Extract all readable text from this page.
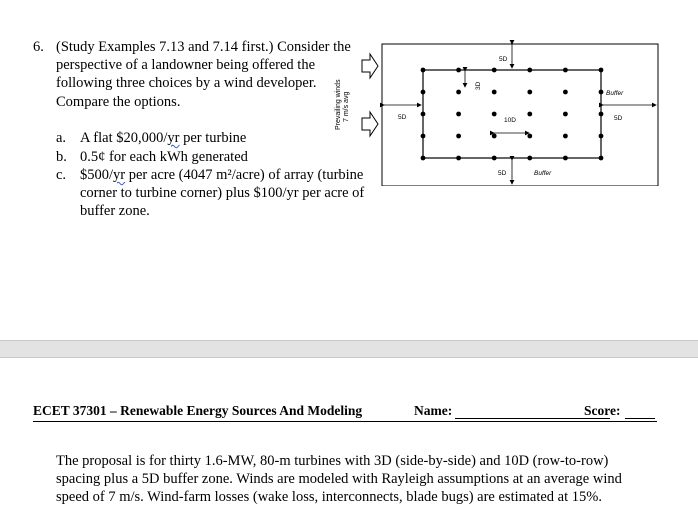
6. (Study Examples 7.13 and 7.14 first.) Consider the perspective of a landowner being offered the following three choices by a wind developer. Compare the options.
a. A flat $20,000/yr per turbine
b. 0.5¢ for each kWh generated
c. $500/yr per acre (4047 m²/acre) of array (turbine corner to turbine corner) plus $100/yr per acre of buffer zone.
Prevailing winds 7 m/s avg
5D
3D
10D
5D
5D	Buffer
Buffer
5D
ECET 37301 – Renewable Energy Sources And Modeling	Name:	Score:
The proposal is for thirty 1.6-MW, 80-m turbines with 3D (side-by-side) and 10D (row-to-row) spacing plus a 5D buffer zone. Winds are modeled with Rayleigh assumptions at an average wind speed of 7 m/s. Wind-farm losses (wake loss, interconnects, blade bugs) are estimated at 15%.
